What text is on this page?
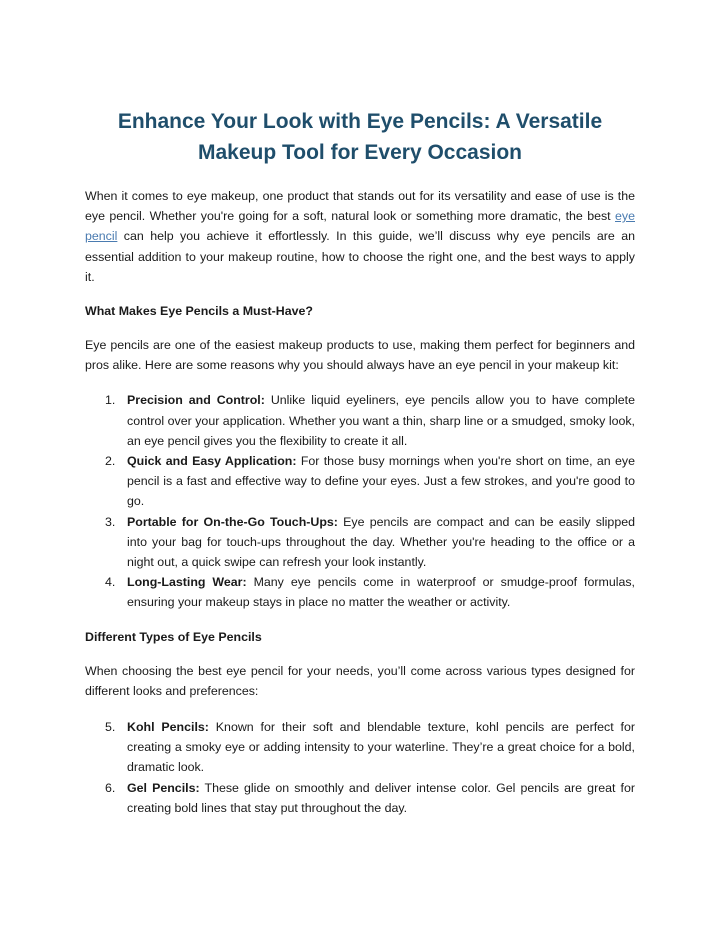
Enhance Your Look with Eye Pencils: A Versatile
Makeup Tool for Every Occasion

When it comes to eye makeup, one product that stands out for its versatility and ease of use is the eye pencil. Whether you're going for a soft, natural look or something more dramatic, the best eye pencil can help you achieve it effortlessly. In this guide, we’ll discuss why eye pencils are an essential addition to your makeup routine, how to choose the right one, and the best ways to apply it.

What Makes Eye Pencils a Must-Have?

Eye pencils are one of the easiest makeup products to use, making them perfect for beginners and pros alike. Here are some reasons why you should always have an eye pencil in your makeup kit:

1. Precision and Control: Unlike liquid eyeliners, eye pencils allow you to have complete control over your application. Whether you want a thin, sharp line or a smudged, smoky look, an eye pencil gives you the flexibility to create it all.
2. Quick and Easy Application: For those busy mornings when you're short on time, an eye pencil is a fast and effective way to define your eyes. Just a few strokes, and you're good to go.
3. Portable for On-the-Go Touch-Ups: Eye pencils are compact and can be easily slipped into your bag for touch-ups throughout the day. Whether you're heading to the office or a night out, a quick swipe can refresh your look instantly.
4. Long-Lasting Wear: Many eye pencils come in waterproof or smudge-proof formulas, ensuring your makeup stays in place no matter the weather or activity.
Different Types of Eye Pencils

When choosing the best eye pencil for your needs, you’ll come across various types designed for different looks and preferences:

5. Kohl Pencils: Known for their soft and blendable texture, kohl pencils are perfect for creating a smoky eye or adding intensity to your waterline. They’re a great choice for a bold, dramatic look.
6. Gel Pencils: These glide on smoothly and deliver intense color. Gel pencils are great for creating bold lines that stay put throughout the day.
